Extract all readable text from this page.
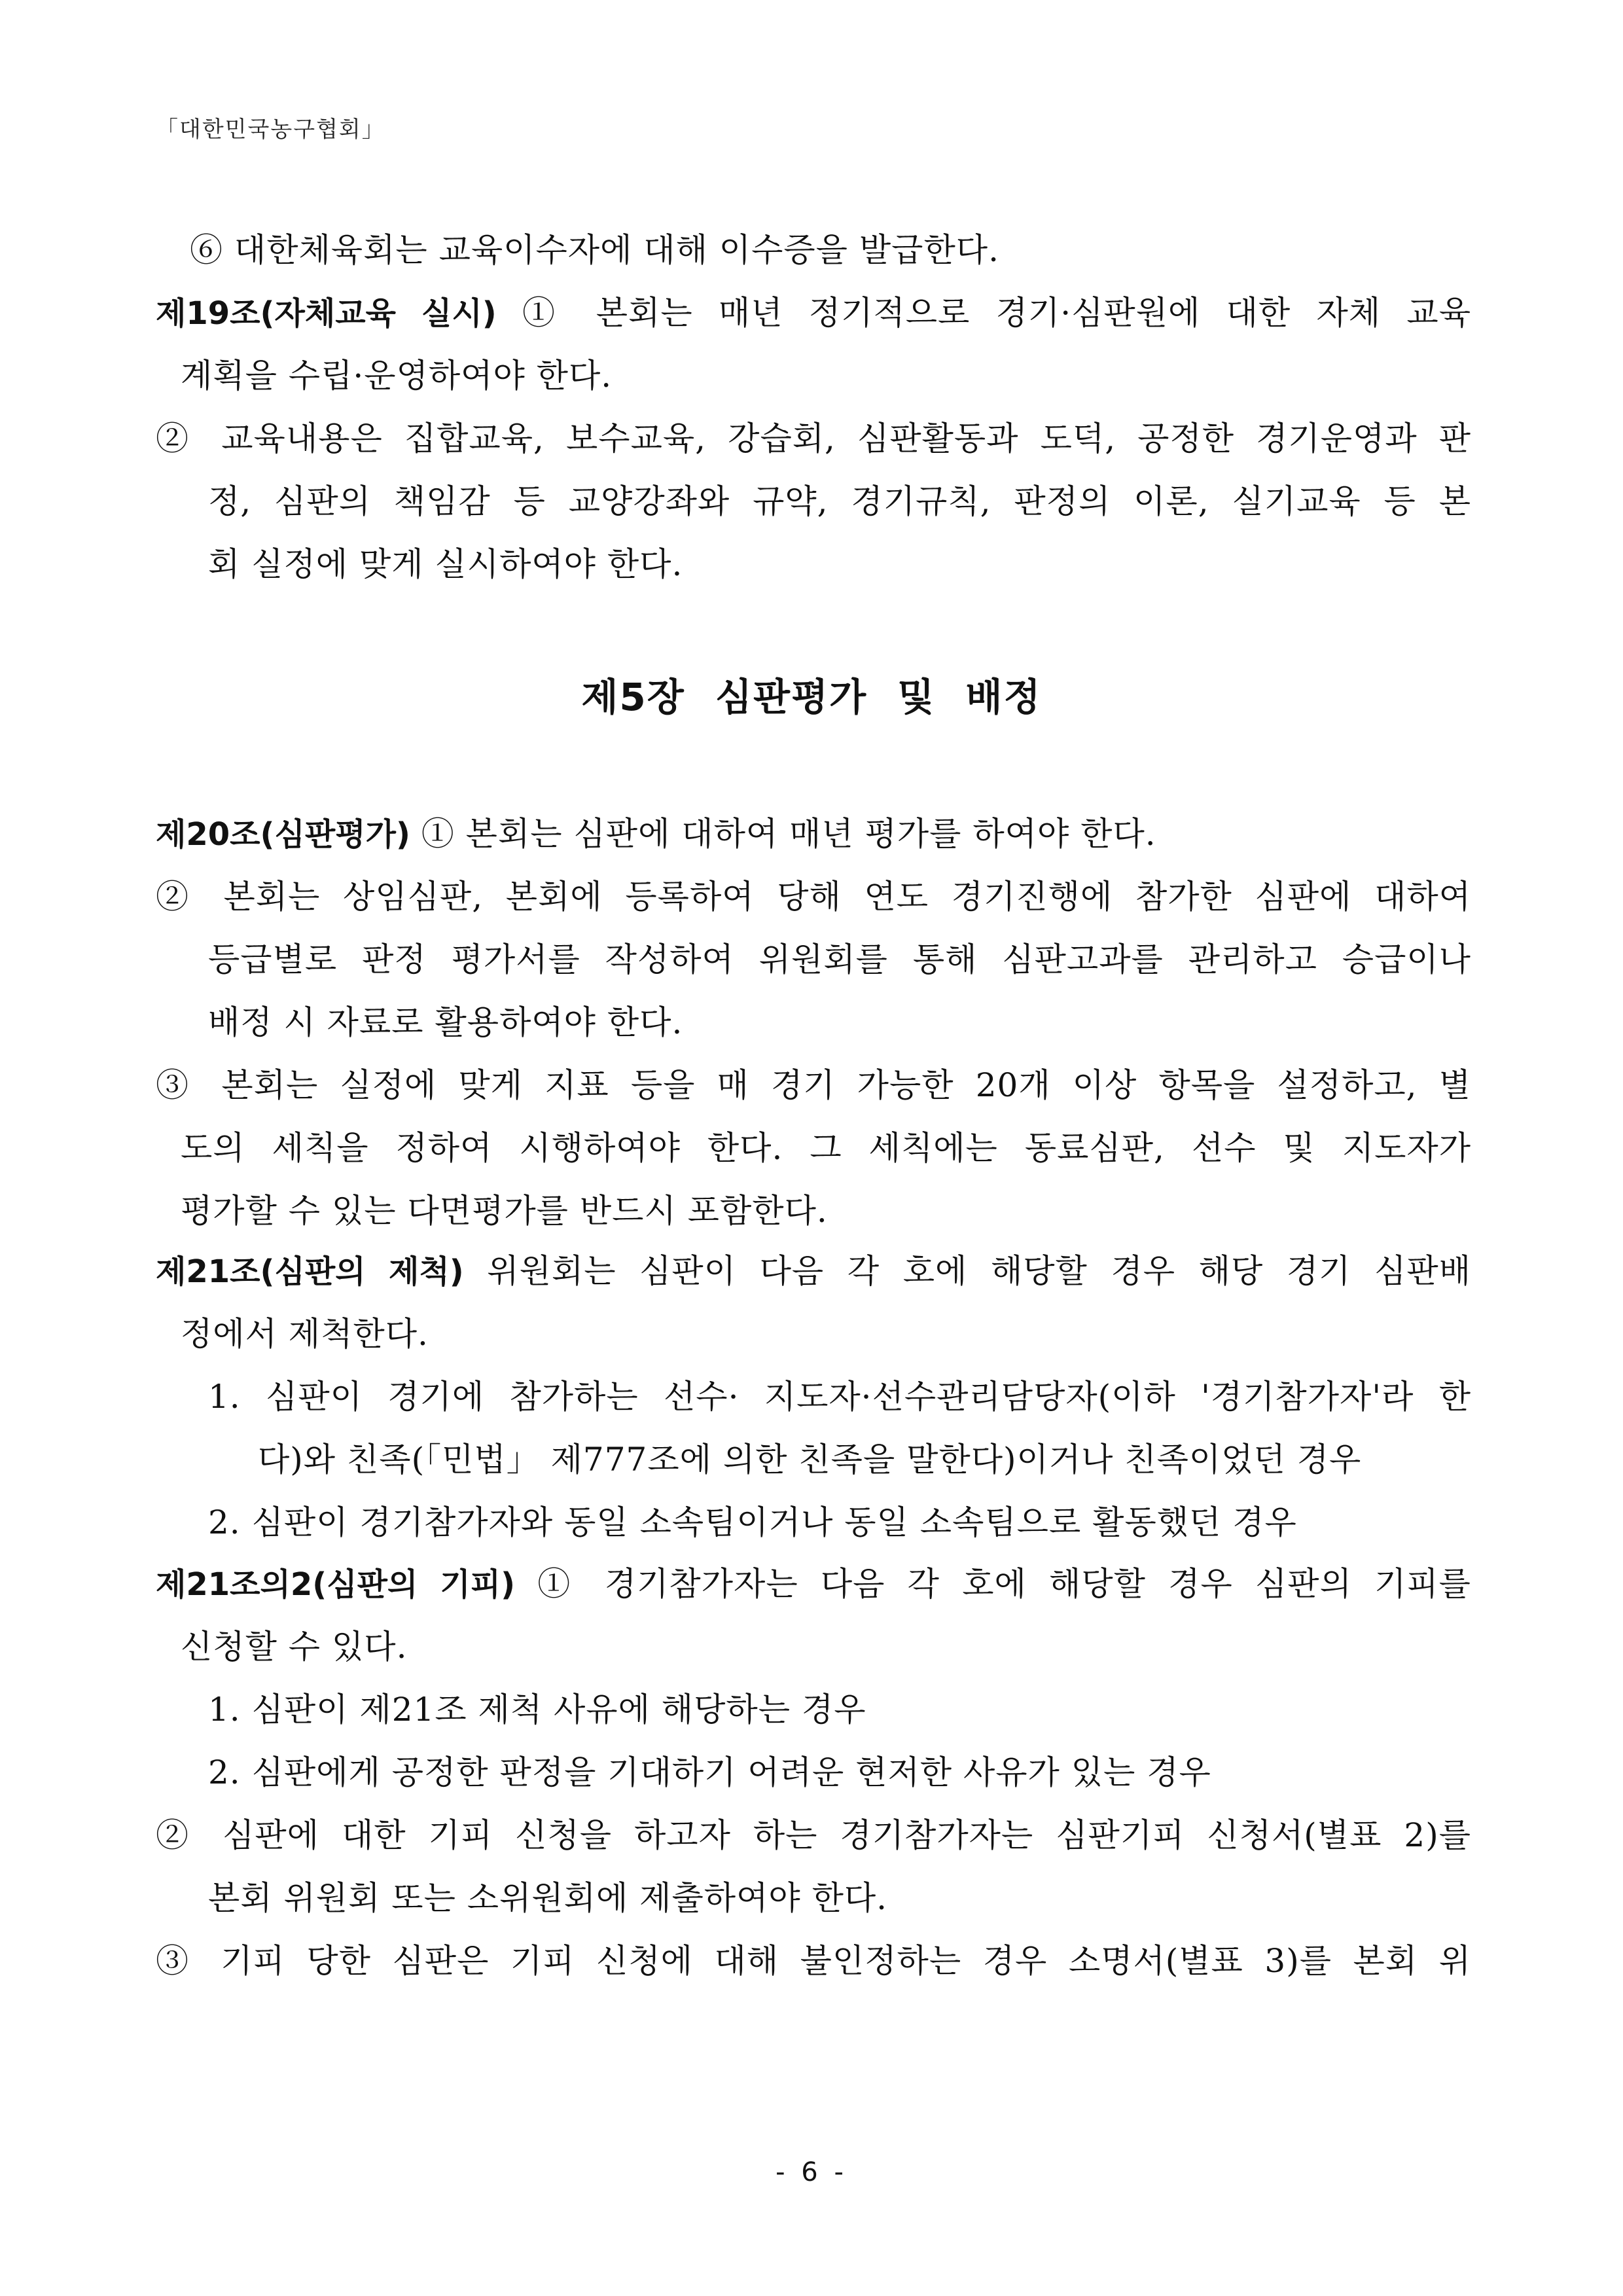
「대한민국농구협회」
⑥ 대한체육회는 교육이수자에 대해 이수증을 발급한다.
제19조(자체교육 실시) ① 본회는 매년 정기적으로 경기·심판원에 대한 자체 교육
계획을 수립·운영하여야 한다.
② 교육내용은 집합교육, 보수교육, 강습회, 심판활동과 도덕, 공정한 경기운영과 판
정, 심판의 책임감 등 교양강좌와 규약, 경기규칙, 판정의 이론, 실기교육 등 본
회 실정에 맞게 실시하여야 한다.
제5장 심판평가 및 배정
제20조(심판평가) ① 본회는 심판에 대하여 매년 평가를 하여야 한다.
② 본회는 상임심판, 본회에 등록하여 당해 연도 경기진행에 참가한 심판에 대하여
등급별로 판정 평가서를 작성하여 위원회를 통해 심판고과를 관리하고 승급이나
배정 시 자료로 활용하여야 한다.
③ 본회는 실정에 맞게 지표 등을 매 경기 가능한 20개 이상 항목을 설정하고, 별
도의 세칙을 정하여 시행하여야 한다. 그 세칙에는 동료심판, 선수 및 지도자가
평가할 수 있는 다면평가를 반드시 포함한다.
제21조(심판의 제척) 위원회는 심판이 다음 각 호에 해당할 경우 해당 경기 심판배
정에서 제척한다.
1. 심판이 경기에 참가하는 선수· 지도자·선수관리담당자(이하 '경기참가자'라 한
다)와 친족(「민법」 제777조에 의한 친족을 말한다)이거나 친족이었던 경우
2. 심판이 경기참가자와 동일 소속팀이거나 동일 소속팀으로 활동했던 경우
제21조의2(심판의 기피) ① 경기참가자는 다음 각 호에 해당할 경우 심판의 기피를
신청할 수 있다.
1. 심판이 제21조 제척 사유에 해당하는 경우
2. 심판에게 공정한 판정을 기대하기 어려운 현저한 사유가 있는 경우
② 심판에 대한 기피 신청을 하고자 하는 경기참가자는 심판기피 신청서(별표 2)를
본회 위원회 또는 소위원회에 제출하여야 한다.
③ 기피 당한 심판은 기피 신청에 대해 불인정하는 경우 소명서(별표 3)를 본회 위
- 6 -
